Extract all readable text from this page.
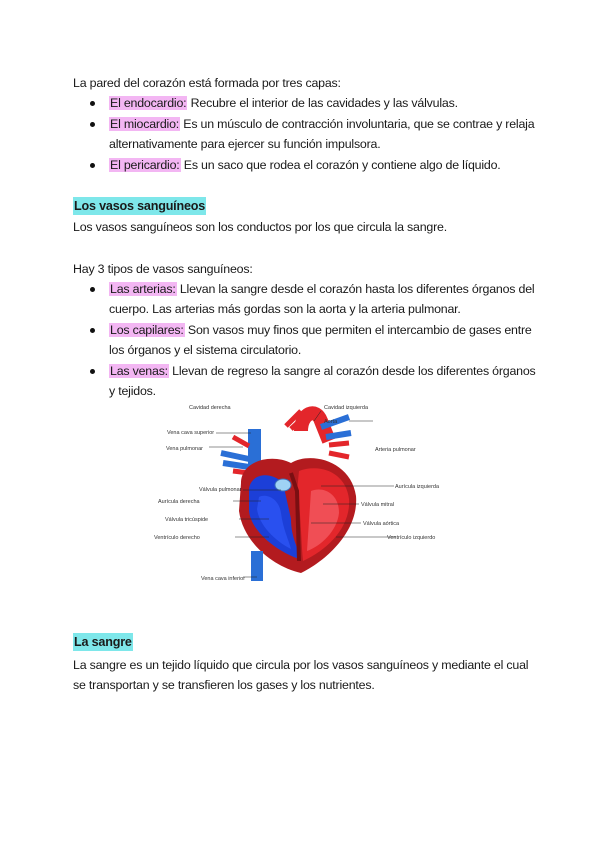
La pared del corazón está formada por tres capas:

El endocardio: Recubre el interior de las cavidades y las válvulas.
El miocardio: Es un músculo de contracción involuntaria, que se contrae y relaja alternativamente para ejercer su función impulsora.
El pericardio: Es un saco que rodea el corazón y contiene algo de líquido.
Los vasos sanguíneos

Los vasos sanguíneos son los conductos por los que circula la sangre.

Hay 3 tipos de vasos sanguíneos:

Las arterias: Llevan la sangre desde el corazón hasta los diferentes órganos del cuerpo. Las arterias más gordas son la aorta y la arteria pulmonar.
Los capilares: Son vasos muy finos que permiten el intercambio de gases entre los órganos y el sistema circulatorio.
Las venas: Llevan de regreso la sangre al corazón desde los diferentes órganos y tejidos.
Cavidad derecha	Cavidad izquierda
Vena cava superior
Aorta
Vena pulmonar	Arteria pulmonar
Válvula pulmonar	Aurícula izquierda
Aurícula derecha	Válvula mitral
Válvula tricúspide
Válvula aórtica
Ventrículo derecho	Ventrículo izquierdo
Vena cava inferior
La sangre

La sangre es un tejido líquido que circula por los vasos sanguíneos y mediante el cual se transportan y se transfieren los gases y los nutrientes.
